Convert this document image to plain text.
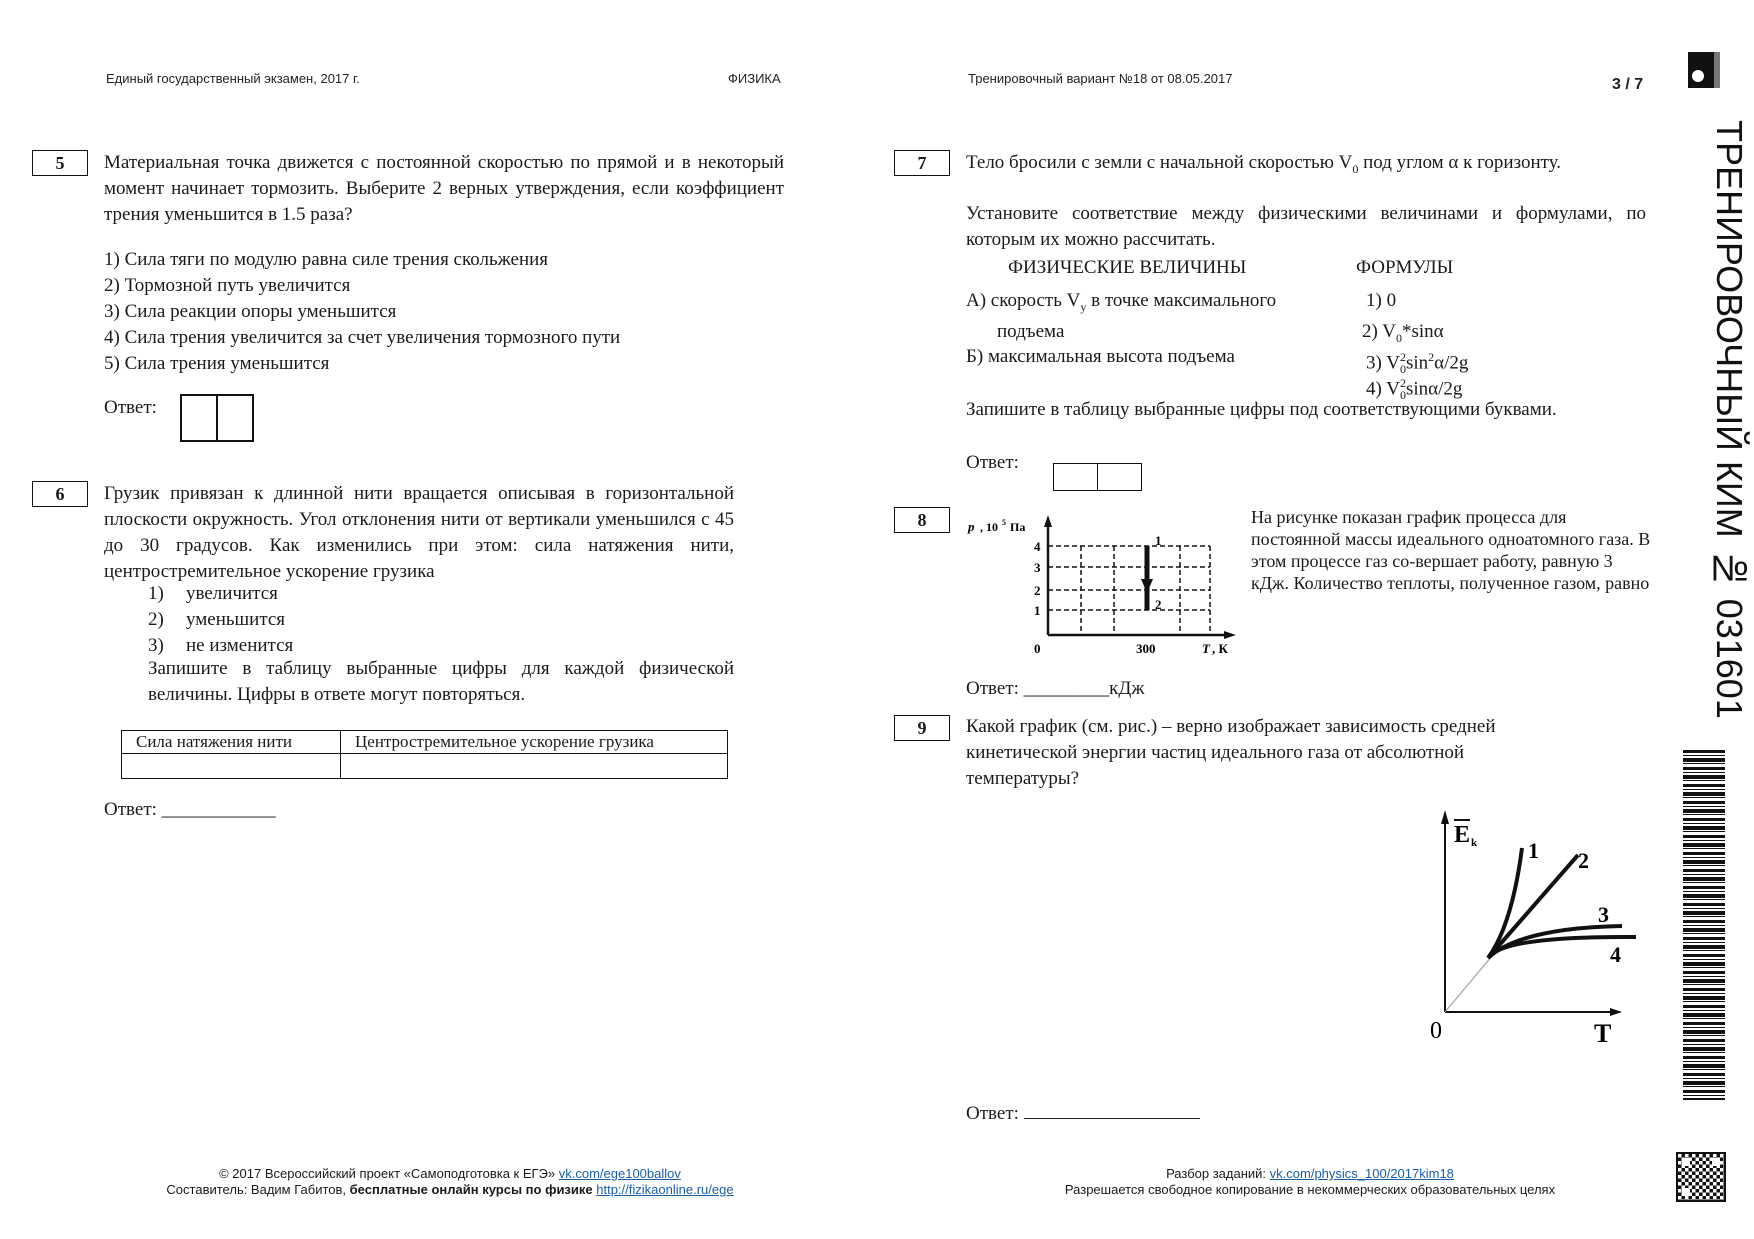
Единый государственный экзамен, 2017 г.	ФИЗИКА	Тренировочный вариант №18 от 08.05.2017	3 / 7
5	Материальная точка движется с постоянной скоростью по прямой и в некоторый момент начинает тормозить. Выберите 2 верных утверждения, если коэффициент трения уменьшится в 1.5 раза?
1) Сила тяги по модулю равна силе трения скольжения
2) Тормозной путь увеличится
3) Сила реакции опоры уменьшится
4) Сила трения увеличится за счет увеличения тормозного пути
5) Сила трения уменьшится
Ответ:
6	Грузик привязан к длинной нити вращается описывая в горизонтальной плоскости окружность. Угол отклонения нити от вертикали уменьшился с 45 до 30 градусов. Как изменились при этом: сила натяжения нити, центростремительное ускорение грузика
1) увеличится
2) уменьшится
3) не изменится
Запишите в таблицу выбранные цифры для каждой физической величины. Цифры в ответе могут повторяться.
Сила натяжения нити	Центростремительное ускорение грузика

Ответ: ____________
7	Тело бросили с земли с начальной скоростью $V_0$ под углом α к горизонту.
Установите соответствие между физическими величинами и формулами, по которым их можно рассчитать.
ФИЗИЧЕСКИЕ ВЕЛИЧИНЫ	ФОРМУЛЫ
А) скорость $V_y$ в точке максимального
подъема
Б) максимальная высота подъема
1) 0
2) $V_0*\sin\alpha$
3) $V_0^2\sin^2\alpha/2g$
4) $V_0^2\sin\alpha/2g$
Запишите в таблицу выбранные цифры под соответствующими буквами.
Ответ:
8	p , 10 5 Па
1
2
4
3
2
1
0	300	T , К
На рисунке показан график процесса для постоянной массы идеального одноатомного газа. В этом процессе газ со-вершает работу, равную 3 кДж. Количество теплоты, полученное газом, равно
Ответ: _________кДж
9	Какой график (см. рис.) – верно изображает зависимость средней кинетической энергии частиц идеального газа от абсолютной температуры?
E k 1 2
3
4
0	T
Ответ:
ТРЕНИРОВОЧНЫЙ КИМ № 031601
© 2017 Всероссийский проект «Самоподготовка к ЕГЭ» vk.com/ege100ballov
Составитель: Вадим Габитов, бесплатные онлайн курсы по физике http://fizikaonline.ru/ege
Разбор заданий: vk.com/physics_100/2017kim18
Разрешается свободное копирование в некоммерческих образовательных целях
